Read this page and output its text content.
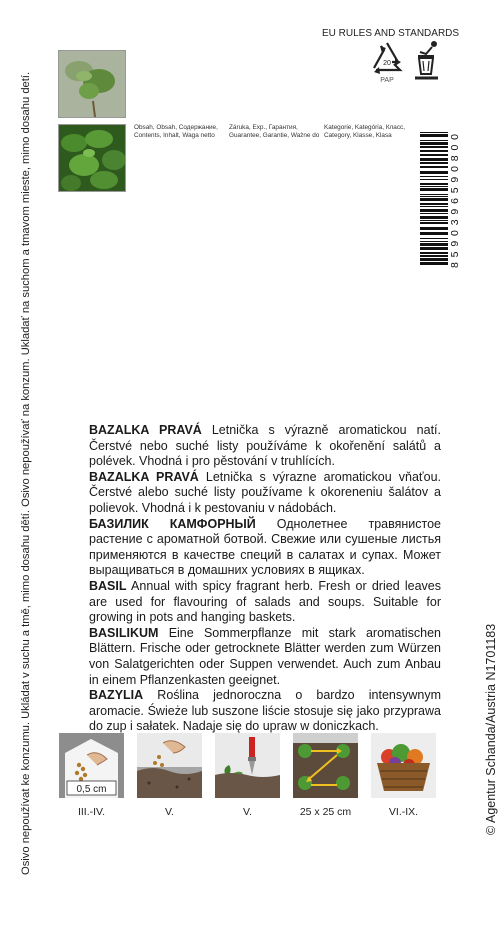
Osivo nepoužívat ke konzumu. Ukládat v suchu a tmě, mimo dosahu dětí. Osivo nepoužívať na konzum. Ukladať na suchom a tmavom mieste, mimo dosahu detí.	© Agentur Schanda/Austria N1701183
Obsah, Obsah, Содержание,
Contents, Inhalt, Waga netto
Záruka, Exp., Гарантия,
Guarantee, Garantie, Ważne do
Kategorie, Kategória, Класс,
Category, Klasse, Klasa
EU RULES AND STANDARDS
20
PAP
8590396590800

BAZALKA PRAVÁ Letnička s výrazně aromatickou natí. Čerstvé nebo suché listy používáme k okořenění salátů a polévek. Vhodná i pro pěstování v truhlících.

BAZALKA PRAVÁ Letnička s výrazne aromatickou vňaťou. Čerstvé alebo suché listy používame k okoreneniu šalátov a polievok. Vhodná i k pestovaniu v nádobách.

БАЗИЛИК КАМФОРНЫЙ Однолетнее травянистое растение с ароматной ботвой. Свежие или сушеные листья применяются в качестве специй в салатах и супах. Может выращиваться в домашних условиях в ящиках.

BASIL Annual with spicy fragrant herb. Fresh or dried leaves are used for flavouring of salads and soups. Suitable for growing in pots and hanging baskets.

BASILIKUM Eine Sommerpflanze mit stark aromatischen Blättern. Frische oder getrocknete Blätter werden zum Würzen von Salatgerichten oder Suppen verwendet. Auch zum Anbau in einem Pflanzenkasten geeignet.

BAZYLIA Roślina jednoroczna o bardzo intensywnym aromacie. Świeże lub suszone liście stosuje się jako przyprawa do zup i sałatek. Nadaje się do upraw w doniczkach.

0,5 cm
III.-IV.	V.	V.	25 x 25 cm	VI.-IX.
